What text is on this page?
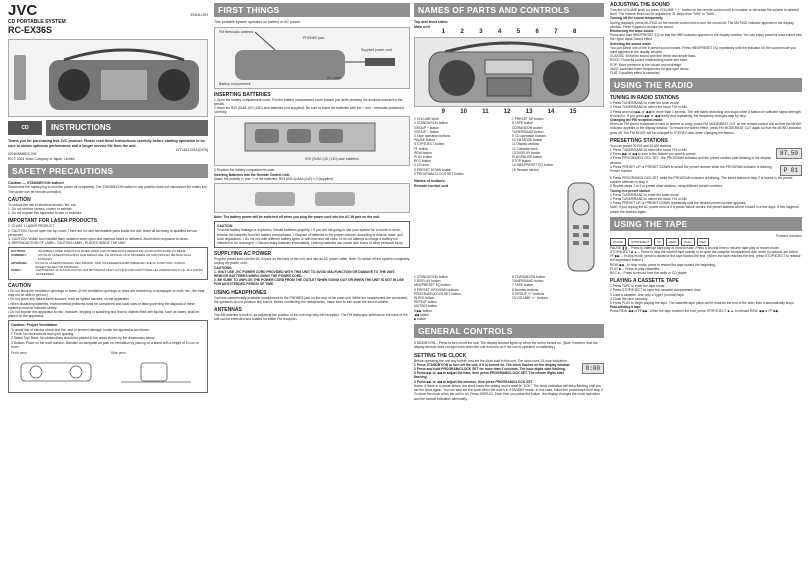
JVC
CD PORTABLE SYSTEM
RC-EX36S
ENGLISH
CD	INSTRUCTIONS
Thank you for purchasing this JVC product. Please read these instructions carefully before starting operation to be sure to obtain optimum performance and a longer service life from the unit.
LVT1463-001A [E/EN]
0204NSMMDCJVN
EN © 2004 Victor Company of Japan, Limited
SAFETY PRECAUTIONS
Caution — STANDBY/ON switch!
Disconnect the mains plug to shut the power off completely. The STANDBY/ON switch in any position does not disconnect the mains line. The power can be remote controlled.
CAUTION
To reduce the risk of electrical shocks, fire, etc.:
1. Do not remove screws, covers or cabinet.
2. Do not expose this appliance to rain or moisture.
IMPORTANT FOR LASER PRODUCTS
1. CLASS 1 LASER PRODUCT
2. CAUTION: Do not open the top cover. There are no user serviceable parts inside the unit; leave all servicing to qualified service personnel.
3. CAUTION: Visible and invisible laser radiation when open and interlock failed or defeated. Avoid direct exposure to beam.
4. REPRODUCTION OF LABEL: CAUTION LABEL, PLACED INSIDE THE UNIT.
CAUTION:	INVISIBLE LASER RADIATION WHEN OPEN AND INTERLOCKS DEFEATED. AVOID EXPOSURE TO BEAM.
VARNING!:	OSYNLIG LASERSTRÅLNING NÄR DENNA DEL ÄR ÖPPNAD OCH SPÄRREN ÄR URKOPPLAD. BETRAKTA EJ STRÅLEN.
ADVARSEL:	USYNLIG LASERSTRÅLING VED ÅBNING, NÅR SIKKERHEDSAFBRYDERE ER UDE AF FUNKTION. UNDGÅ UDSÆTTELSE FOR STRÅLING.
VARO!:	AVATTAESSA JA SUOJALUKITUS OHITETTAESSA OLET ALTTIINA NÄKYMÄTTÖMÄLLE LASERSÄTEILYLLE. ÄLÄ KATSO SÄTEESEEN.
CAUTION
• Do not block the ventilation openings or holes. (If the ventilation openings or holes are blocked by a newspaper or cloth, etc., the heat may not be able to get out.)
• Do not place any naked flame sources, such as lighted candles, on the apparatus.
• When discarding batteries, environmental problems must be considered and local rules or laws governing the disposal of these batteries must be followed strictly.
• Do not expose this apparatus to rain, moisture, dripping or splashing and that no objects filled with liquids, such as vases, shall be placed on the apparatus.
Caution: Proper Ventilation
To avoid risk of electric shock and fire, and to prevent damage, locate the apparatus as follows:
1 Front: No obstructions and open spacing.
2 Sides/ Top/ Back: No obstructions should be placed in the areas shown by the dimensions below.
3 Bottom: Place on the level surface. Maintain an adequate air path for ventilation by placing on a stand with a height of 10 cm or more.
Front view	Side view
FIRST THINGS
This portable system operates on battery or AC power.
FM telescopic antenna
PHONES jack
AC outlet
Supplied power cord
Battery compartment
INSERTING BATTERIES
1 Open the battery compartment cover. Pull the battery compartment cover toward you while pressing the sections marked by the arrows.
2 Insert six R20 (SUM-1)/D (13D)-size batteries (not supplied). Be sure to insert the batteries with the + and − terminals positioned correctly.
R20 (SUM-1)/D (13D)-size batteries
3 Replace the battery compartment cover.
Inserting Batteries into the Remote Control Unit:
Match the polarity (+ and −) of the batteries: R03 (UM-4)/AAA (24F) x 2 (supplied)
Note: The battery power will be switched off when you plug the power cord into the AC IN jack on the unit.
CAUTION:
To avoid battery leakage or explosion, handle batteries properly. • If you are not going to use your system for a month or more, remove the batteries from the battery compartment. • Dispose of batteries in the proper manner, according to federal, state, and local regulations. • Do not mix with different battery types or with new and old ones, or do not attempt to charge a battery not intended to be recharged. • Discard leaky batteries immediately. Leaking batteries can cause skin burns or other personal injury.
SUPPLYING AC POWER
Plug the power cord into the AC IN jack on the back of the unit, and into an AC power outlet. Note: To switch off the system completely, unplug the power cord.
CAUTIONS:
1. ONLY USE JVC POWER CORD PROVIDED WITH THIS UNIT TO AVOID MALFUNCTION OR DAMAGE TO THE UNIT. REMOVE BATTERIES WHEN USING THE POWER CORD.
2. BE SURE TO UNPLUG THE POWER CORD FROM THE OUTLET WHEN GOING OUT OR WHEN THE UNIT IS NOT IN USE FOR AN EXTENDED PERIOD OF TIME.
USING HEADPHONES
Connect commercially available headphones to the PHONES jack on the rear of the main unit. While the headphones are connected, the speakers do not produce any sound. Before connecting the headphones, make sure to turn down the sound volume.
ANTENNAS
The AM antenna is built in, so adjusting the position of the unit may help AM reception. The FM telescopic antenna on the back of the unit can be extended and rotated for better FM reception.
NAMES OF PARTS AND CONTROLS
Top and front sides:
Main unit
1	2	3	4	5	6	7	8
9	10	11	12	13	14	15
1 VOLUME knob
2 STANDBY/ON button
GROUP + button
GROUP − button
3 Tape operation buttons
PAUSE button
STOP/EJECT button
FF button
REW button
PLAY button
REC button
4 CD door
5 PRESET DOWN button
6 PROGRAM/CLOCK SET button
7 PRESET UP button
8 TAPE button
CD/RANDOM button
TUNER/BAND button
9 CD operation buttons
10 FM MODE button
11 Display window
12 Cassette deck
13 DISPLAY button
PLAY/PAUSE button
STOP button
14 HBS/PRESET EQ button
15 Remote sensor
Names of buttons:
Remote control unit
1 STANDBY/ON button
2 DISPLAY button
HBS/PRESET EQ button
3 PRESET UP/DOWN buttons
PROGRAM/CLOCK SET button
INTRO button
REPEAT button
MUTING button
5 ▶▶ button
◀◀ button
■ button
6 CD/RANDOM button
TUNER/BAND button
7 TAPE button
8 Number buttons
9 GROUP +/− buttons
10 VOLUME +/− buttons
GENERAL CONTROLS
STANDBY/ON – Press to turn on/off the unit. The display window lights up when the unit is turned on. (Note, however, that the display window does not light even when the unit is turned on if the unit is operated on batteries.)
SETTING THE CLOCK
Before operating the unit any further, first set the clock built in this unit. The clock uses 24-hour indication.
1 Press STANDBY/ON to turn off the unit, if it is turned on. The clock flashes on the display window.
2 Press and hold PROGRAM/CLOCK SET for more than 2 seconds. The hour digits start flashing.
3 Press ▶▶ or ◀◀ to adjust the hour, then press PROGRAM/CLOCK SET. The minute digits start flashing.
4 Press ▶▶ or ◀◀ to adjust the minutes, then press PROGRAM/CLOCK SET.
0:00
Notes: If there is a power failure, the clock loses the setting and is reset to "0:00." The clock indication will keep flashing until you set the clock again. You can also set the clock when the unit is in STANDBY mode. In this case, follow the procedures from step 2.
To show the clock when the unit is on, Press DISPLAY. Each time you press the button, the display changes the clock indication and the normal indication alternately.
ADJUSTING THE SOUND
Turn the VOLUME knob (or press VOLUME + / − button on the remote control unit) to increase or decrease the volume to desired level. The volume level can be adjusted in 31 steps from "MIN" to "MAX."
Turning off the sound temporarily
During playback, press MUTING on the remote control unit to turn the sound off. The MUTING indicator appears in the display window. Press it again to restore the sound.
Reinforcing the bass sound
Press and hold HBS/PRESET EQ so that the HBS indicator appears in the display window. You can enjoy powerful bass sound with the Hyper Bass Sound effect.
Selecting the sound mode
You can select one of the 5 preset sound modes. Press HBS/PRESET EQ repeatedly until the indicator for the sound mode you want appears in the display window.
CLASSIC: Enriched sound with fine treble and ample bass.
ROCK: Powerful sound emphasizing treble and bass.
POP: More presence in the vocals and midrange.
JAZZ: Accented lower frequencies for jazz-type music.
FLAT: Equalizer effect is canceled.
USING THE RADIO
TUNING IN RADIO STATIONS
1 Press TUNER/BAND to enter the tuner mode.
2 Press TUNER/BAND to select the band, FM or AM.
3 Press and hold ▶▶ or ◀◀ for more than 1 second. The unit starts searching and stops when a station of sufficient signal strength is tuned in. If you press ▶▶ or ◀◀ briefly and repeatedly, the frequency changes step by step.
Changing the FM reception mode
When an FM stereo broadcast is hard to receive or noisy, press FM MODE/BEAT CUT on the remote control unit so that the MONO indicator appears in the display window. To restore the stereo effect, press FM MODE/BEAT CUT again so that the MONO indicator goes off. The FM MODE will be changed to STEREO also when changing the station.
PRESETTING STATIONS
You can preset 20 FM and 10 AM stations.
1 Press TUNER/BAND to select the band, FM or AM.
2 Press ▶▶ or ◀◀ to tune in the station you want to preset.
3 Press PROGRAM/CLOCK SET. The PROGRAM indicator and the preset number start blinking in the display window.
87.50
4 Press PRESET UP or PRESET DOWN to select the preset number while the PROGRAM indicator is blinking.
Preset number	P 01
5 Press PROGRAM/CLOCK SET while the PROGRAM indicator is blinking. The tuned station in step 2 is stored in the preset number selected in step 4.
6 Repeat steps 1 to 5 to preset other stations, using different preset numbers.
Tuning in a preset station
1 Press TUNER/BAND to enter the tuner mode.
2 Press TUNER/BAND to select the band, FM or AM.
3 Press PRESET UP or PRESET DOWN repeatedly until the desired preset number appears.
Note: If you unplug the AC power cord or if a power failure occurs, the preset stations will be erased in a few days. If this happens, preset the stations again.
USING THE TAPE
Forward direction
PAUSE	STOP/EJECT	FF	REW	PLAY	REC
PAUSE ❚❚ – Press to interrupt tape play or record mode. Press a second time to resume tape play or record mode.
STOP/EJECT ■ ▲ – Press to stop the current tape activity or to open the cassette compartment door when no buttons are active.
FF ▶▶ – In stop mode, press to advance the tape toward the end. (When the tape reaches the end, press STOP/EJECT to release the depressed button.)
REW ◀◀ – In stop mode, press to rewind the tape toward the beginning.
PLAY ▶ – Press to play cassettes.
REC ● – Press to record from the radio or CD player.
PLAYING A CASSETTE TAPE
1 Press TAPE to enter the tape mode.
2 Press STOP/EJECT to open the cassette compartment door.
3 Load a cassette. Use only a Type I (normal) tape.
4 Close the door securely.
5 Press PLAY to begin playing the tape. The cassette tape plays until it reaches the end of the side, then it automatically stops.
Fast-winding a tape
Press REW ◀◀ or FF ▶▶. When the tape reaches the end, press STOP/EJECT ■ ▲ to release REW ◀◀ or FF ▶▶.
